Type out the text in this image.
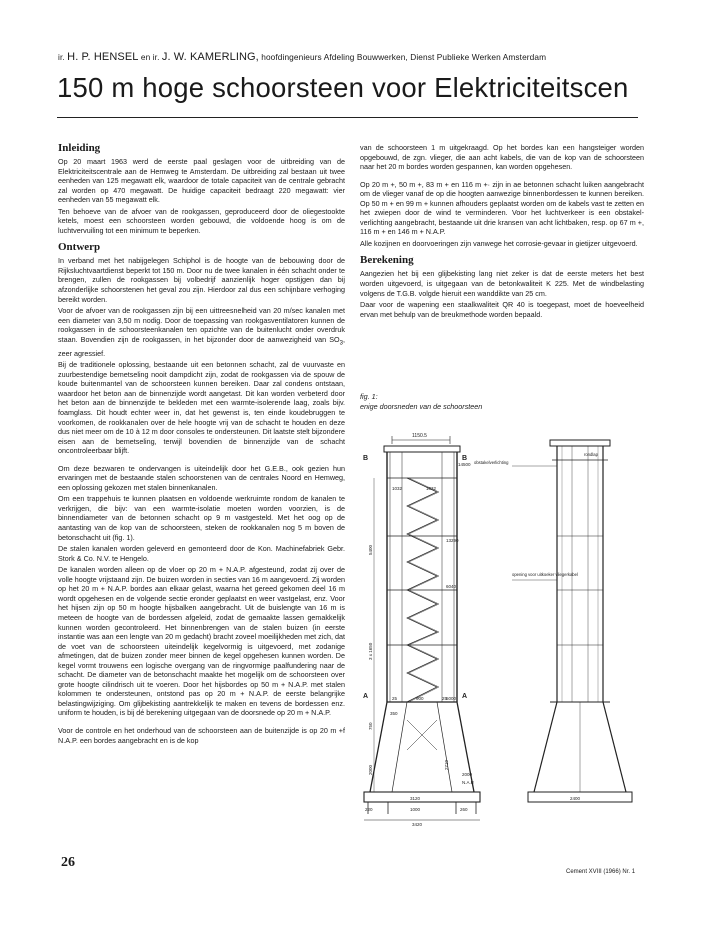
ir. H. P. HENSEL en ir. J. W. KAMERLING, hoofdingenieurs Afdeling Bouwwerken, Dienst Publieke Werken Amsterdam
150 m hoge schoorsteen voor Elektriciteitscen
Inleiding

Op 20 maart 1963 werd de eerste paal geslagen voor de uitbreiding van de Elektriciteitscentrale aan de Hemweg te Amsterdam. De uitbreiding zal bestaan uit twee eenheden van 125 megawatt elk, waardoor de totale capaciteit van de centrale gebracht zal worden op 470 megawatt. De huidige capaciteit bedraagt 220 megawatt: vier eenheden van 55 megawatt elk.

Ten behoeve van de afvoer van de rookgassen, geproduceerd door de oliegestookte ketels, moest een schoorsteen worden gebouwd, die voldoende hoog is om de luchtvervuiling tot een minimum te beperken.

Ontwerp

In verband met het nabijgelegen Schiphol is de hoogte van de bebouwing door de Rijksluchtvaartdienst beperkt tot 150 m. Door nu de twee kanalen in één schacht onder te brengen, zullen de rookgassen bij volbedrijf aanzienlijk hoger opstijgen dan bij afzonderlijke schoorstenen het geval zou zijn. Hierdoor zal dus een schijnbare verhoging bereikt worden.

Voor de afvoer van de rookgassen zijn bij een uittreesnelheid van 20 m/sec kanalen met een diameter van 3,50 m nodig. Door de toepassing van rookgasventilatoren kunnen de rookgassen in de schoorsteenkanalen ten opzichte van de buitenlucht onder overdruk staan. Bovendien zijn de rookgassen, in het bijzonder door de aanwezigheid van $SO_3$, zeer agressief.

Bij de traditionele oplossing, bestaande uit een betonnen schacht, zal de vuurvaste en zuurbestendige bemetseling nooit dampdicht zijn, zodat de rookgassen via de spouw de koude buitenmantel van de schoorsteen kunnen bereiken. Daar zal condens ontstaan, waardoor het beton aan de binnenzijde wordt aangetast. Dit kan worden verbeterd door het beton aan de binnenzijde te bekleden met een warmte-isolerende laag, zoals bijv. foamglass. Dit houdt echter weer in, dat het gewenst is, ten einde koudebruggen te voorkomen, de rookkanalen over de hele hoogte vrij van de schacht te houden en deze dus niet meer om de 10 à 12 m door consoles te ondersteunen. Dit laatste stelt bijzondere eisen aan de bemetseling, terwijl bovendien de binnenzijde van de schacht oncontroleerbaar blijft.

Om deze bezwaren te ondervangen is uiteindelijk door het G.E.B., ook gezien hun ervaringen met de bestaande stalen schoorstenen van de centrales Noord en Hemweg, een oplossing gekozen met stalen binnenkanalen.

Om een trappehuis te kunnen plaatsen en voldoende werkruimte rondom de kanalen te verkrijgen, die bijv: van een warmte-isolatie moeten worden voorzien, is de binnendiameter van de betonnen schacht op 9 m vastgesteld. Met het oog op de aantasting van de kop van de schoorsteen, steken de rookkanalen nog 5 m boven de betonschacht uit (fig. 1).

De stalen kanalen worden geleverd en gemonteerd door de Kon. Machinefabriek Gebr. Stork & Co. N.V. te Hengelo.

De kanalen worden alleen op de vloer op 20 m + N.A.P. afgesteund, zodat zij over de volle hoogte vrijstaand zijn. De buizen worden in secties van 16 m aangevoerd. Zij worden op het 20 m + N.A.P. bordes aan elkaar gelast, waarna het gereed gekomen deel 16 m wordt opgehesen en de volgende sectie eronder geplaatst en weer vastgelast, enz. Voor het hijsen zijn op 50 m hoogte hijsbalken aangebracht. Uit de buislengte van 16 m is meteen de hoogte van de bordessen afgeleid, zodat de gemaakte lassen gemakkelijk kunnen worden gecontroleerd. Het binnenbrengen van de stalen buizen (in eerste instantie was aan een lengte van 20 m gedacht) bracht zoveel moeilijkheden met zich, dat de voet van de schoorsteen uiteindelijk kegelvormig is uitgevoerd, met zodanige afmetingen, dat de buizen zonder meer binnen de kegel opgehesen kunnen worden. De kegel vormt trouwens een logische overgang van de ringvormige paalfundering naar de schacht. De diameter van de betonschacht maakte het mogelijk om de schoorsteen over grote hoogte cilindrisch uit te voeren. Door het hijsbordes op 50 m + N.A.P. met stalen kolommen te ondersteunen, ontstond pas op 20 m + N.A.P. de eerste belangrijke belastingwijziging. Om glijbekisting aantrekkelijk te maken en tevens de bordessen enz. uniform te houden, is bij dé berekening uitgegaan van de doorsnede op 20 m + N.A.P.

Voor de controle en het onderhoud van de schoorsteen aan de buitenzijde is op 20 m +f N.A.P. een bordes aangebracht en is de kop

van de schoorsteen 1 m uitgekraagd. Op het bordes kan een hangsteiger worden opgebouwd, de zgn. vlieger, die aan acht kabels, die van de kop van de schoorsteen naar het 20 m bordes worden gespannen, kan worden opgehesen.

Op 20 m +, 50 m +, 83 m + en 116 m +· zijn in ae betonnen schacht luiken aangebracht om de vlieger vanaf de op die hoogten aanwezige binnenbordessen te kunnen bereiken. Op 50 m + en 99 m + kunnen afhouders geplaatst worden om de kabels vast te zetten en het zwiepen door de wind te verminderen. Voor het luchtverkeer is een obstakel-verlichting aangebracht, bestaande uit drie kransen van acht lichtbaken, resp. op 67 m +, 116 m + en 146 m + N.A.P.

Alle kozijnen en doorvoeringen zijn vanwege het corrosie-gevaar in gietijzer uitgevoerd.

Berekening

Aangezien het bij een glijbekisting lang niet zeker is dat de eerste meters het best worden uitgevoerd, is uitgegaan van de betonkwaliteit K 225. Met de windbelasting volgens de T.G.B. volgde hieruit een wanddikte van 25 cm.

Daar voor de wapening een staalkwaliteit QR 40 is toegepast, moet de hoeveelheid ervan met behulp van de breukmethode worden bepaald.

fig. 1:
enige doorsneden van de schoorsteen
1150.5
B	B
A	A
14500
13290
6040
5000
1032	1032
3 x 1650
750
5400
2000
350
25	900	25
2710
3120
220	1000	260
3420
N.A.P.
2000
obstakelverlichting
rondlap
opening voor uitkoeker vliegerkabel
2400
26
Cement XVIII (1966) Nr. 1
